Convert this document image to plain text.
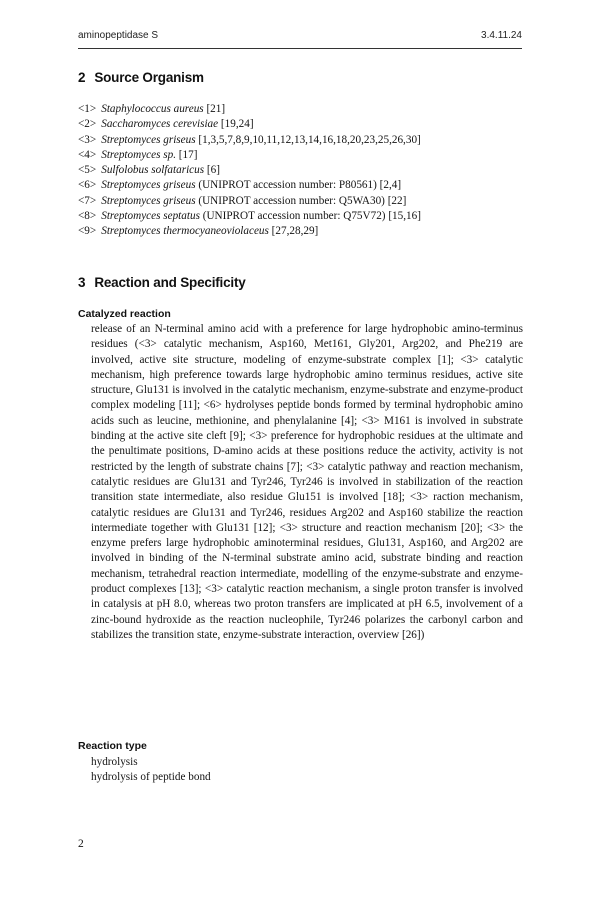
aminopeptidase S	3.4.11.24
2 Source Organism
<1> Staphylococcus aureus [21]
<2> Saccharomyces cerevisiae [19,24]
<3> Streptomyces griseus [1,3,5,7,8,9,10,11,12,13,14,16,18,20,23,25,26,30]
<4> Streptomyces sp. [17]
<5> Sulfolobus solfataricus [6]
<6> Streptomyces griseus (UNIPROT accession number: P80561) [2,4]
<7> Streptomyces griseus (UNIPROT accession number: Q5WA30) [22]
<8> Streptomyces septatus (UNIPROT accession number: Q75V72) [15,16]
<9> Streptomyces thermocyaneoviolaceus [27,28,29]
3 Reaction and Specificity
Catalyzed reaction

release of an N-terminal amino acid with a preference for large hydrophobic amino-terminus residues (<3> catalytic mechanism, Asp160, Met161, Gly201, Arg202, and Phe219 are involved, active site structure, modeling of enzyme-substrate complex [1]; <3> catalytic mechanism, high preference towards large hydrophobic amino terminus residues, active site structure, Glu131 is involved in the catalytic mechanism, enzyme-substrate and enzyme-product complex modeling [11]; <6> hydrolyses peptide bonds formed by terminal hydrophobic amino acids such as leucine, methionine, and phenylalanine [4]; <3> M161 is involved in substrate binding at the active site cleft [9]; <3> preference for hydrophobic residues at the ultimate and the penultimate positions, D-amino acids at these positions reduce the activity, activity is not restricted by the length of substrate chains [7]; <3> catalytic pathway and reaction mechanism, catalytic residues are Glu131 and Tyr246, Tyr246 is involved in stabilization of the reaction transition state intermediate, also residue Glu151 is involved [18]; <3> raction mechanism, catalytic residues are Glu131 and Tyr246, residues Arg202 and Asp160 stabilize the reaction intermediate together with Glu131 [12]; <3> structure and reaction mechanism [20]; <3> the enzyme prefers large hydrophobic aminoterminal residues, Glu131, Asp160, and Arg202 are involved in binding of the N-terminal substrate amino acid, substrate binding and reaction mechanism, tetrahedral reaction intermediate, modelling of the enzyme-substrate and enzyme-product complexes [13]; <3> catalytic reaction mechanism, a single proton transfer is involved in catalysis at pH 8.0, whereas two proton transfers are implicated at pH 6.5, involvement of a zinc-bound hydroxide as the reaction nucleophile, Tyr246 polarizes the carbonyl carbon and stabilizes the transition state, enzyme-substrate interaction, overview [26])

Reaction type
hydrolysis
hydrolysis of peptide bond
2
